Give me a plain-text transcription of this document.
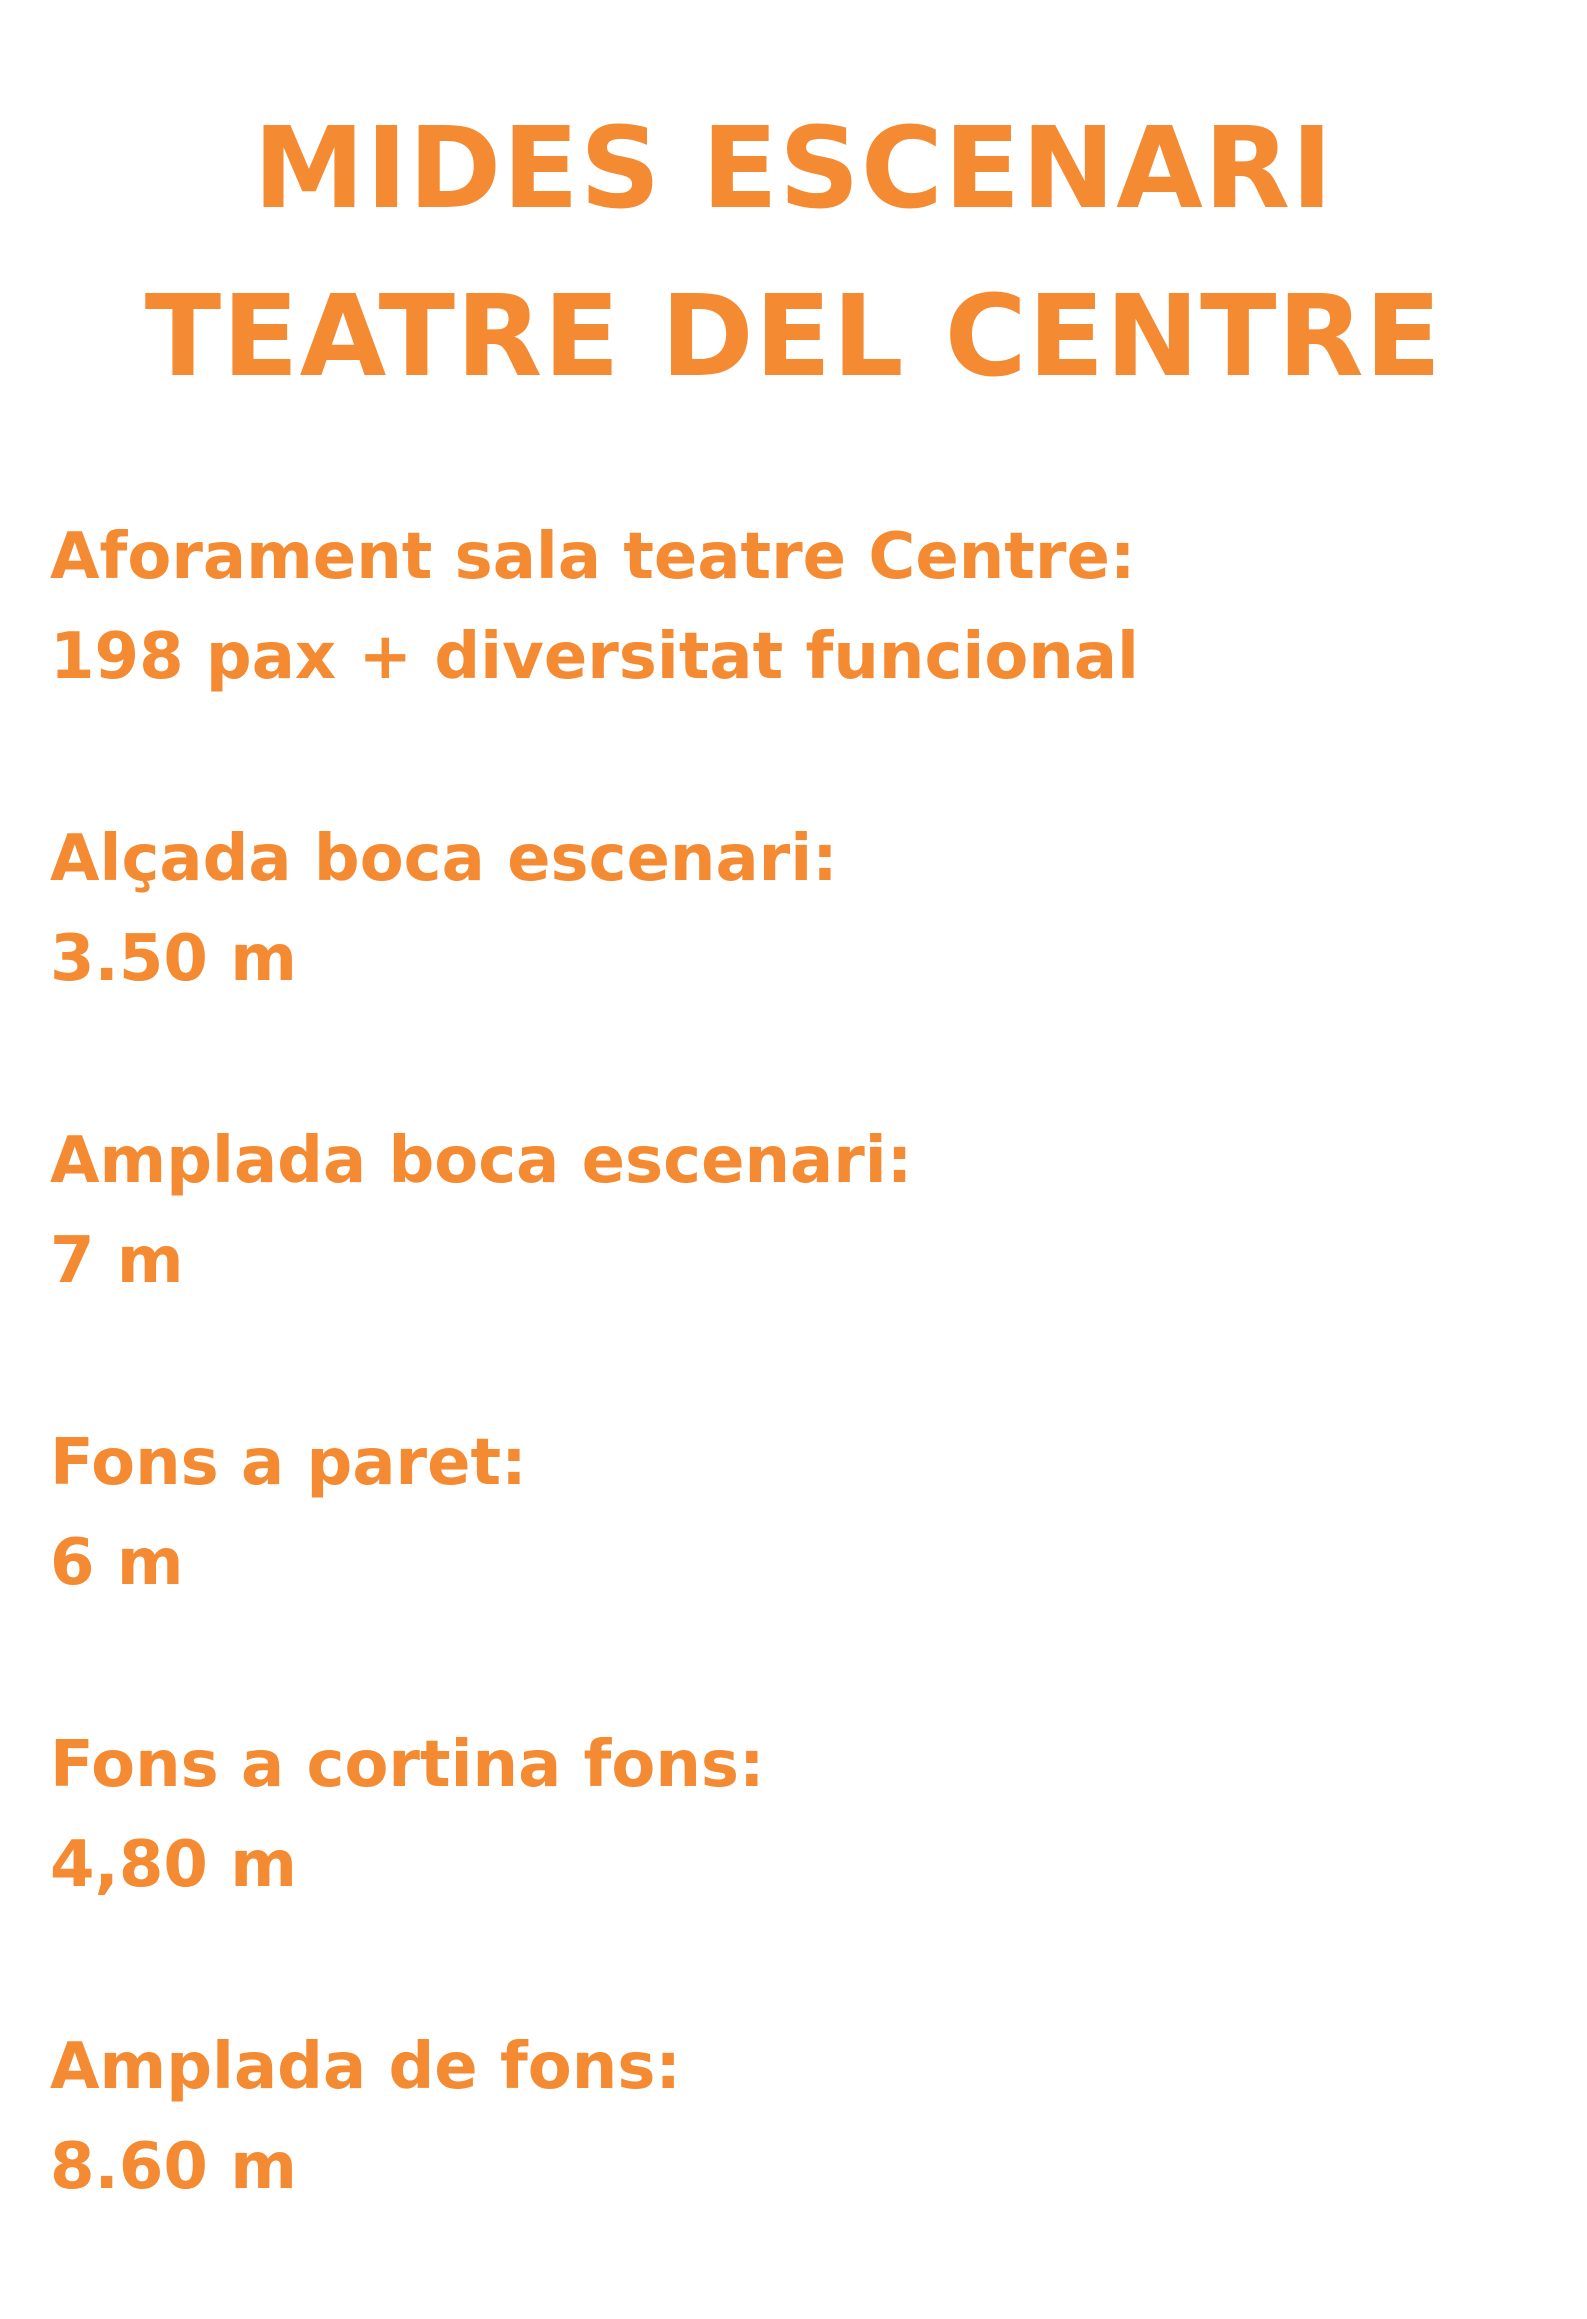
MIDES ESCENARI
TEATRE DEL CENTRE
Aforament sala teatre Centre:
198 pax + diversitat funcional
Alçada boca escenari:
3.50 m
Amplada boca escenari:
7 m
Fons a paret:
6 m
Fons a cortina fons:
4,80 m
Amplada de fons:
8.60 m
